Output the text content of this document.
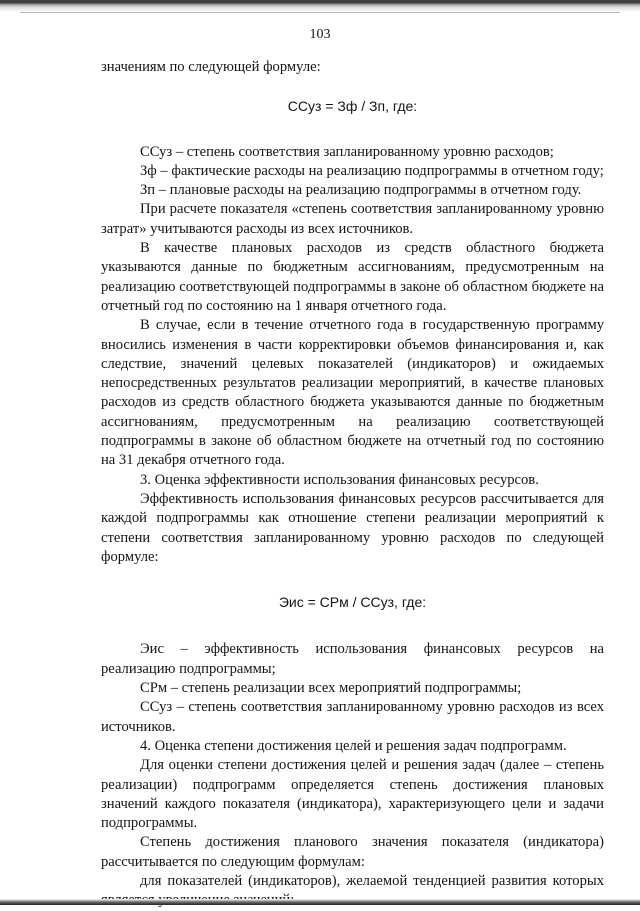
103

значениям по следующей формуле:

ССуз = Зф / Зп, где:

ССуз – степень соответствия запланированному уровню расходов;

Зф – фактические расходы на реализацию подпрограммы в отчетном году;

Зп – плановые расходы на реализацию подпрограммы в отчетном году.

При расчете показателя «степень соответствия запланированному уровню затрат» учитываются расходы из всех источников.

В качестве плановых расходов из средств областного бюджета указываются данные по бюджетным ассигнованиям, предусмотренным на реализацию соответствующей подпрограммы в законе об областном бюджете на отчетный год по состоянию на 1 января отчетного года.

В случае, если в течение отчетного года в государственную программу вносились изменения в части корректировки объемов финансирования и, как следствие, значений целевых показателей (индикаторов) и ожидаемых непосредственных результатов реализации мероприятий, в качестве плановых расходов из средств областного бюджета указываются данные по бюджетным ассигнованиям, предусмотренным на реализацию соответствующей подпрограммы в законе об областном бюджете на отчетный год по состоянию на 31 декабря отчетного года.

3. Оценка эффективности использования финансовых ресурсов.

Эффективность использования финансовых ресурсов рассчитывается для каждой подпрограммы как отношение степени реализации мероприятий к степени соответствия запланированному уровню расходов по следующей формуле:

Эис = СРм / ССуз, где:

Эис – эффективность использования финансовых ресурсов на реализацию подпрограммы;

СРм – степень реализации всех мероприятий подпрограммы;

ССуз – степень соответствия запланированному уровню расходов из всех источников.

4. Оценка степени достижения целей и решения задач подпрограмм.

Для оценки степени достижения целей и решения задач (далее – степень реализации) подпрограмм определяется степень достижения плановых значений каждого показателя (индикатора), характеризующего цели и задачи подпрограммы.

Степень достижения планового значения показателя (индикатора) рассчитывается по следующим формулам:

для показателей (индикаторов), желаемой тенденцией развития которых
